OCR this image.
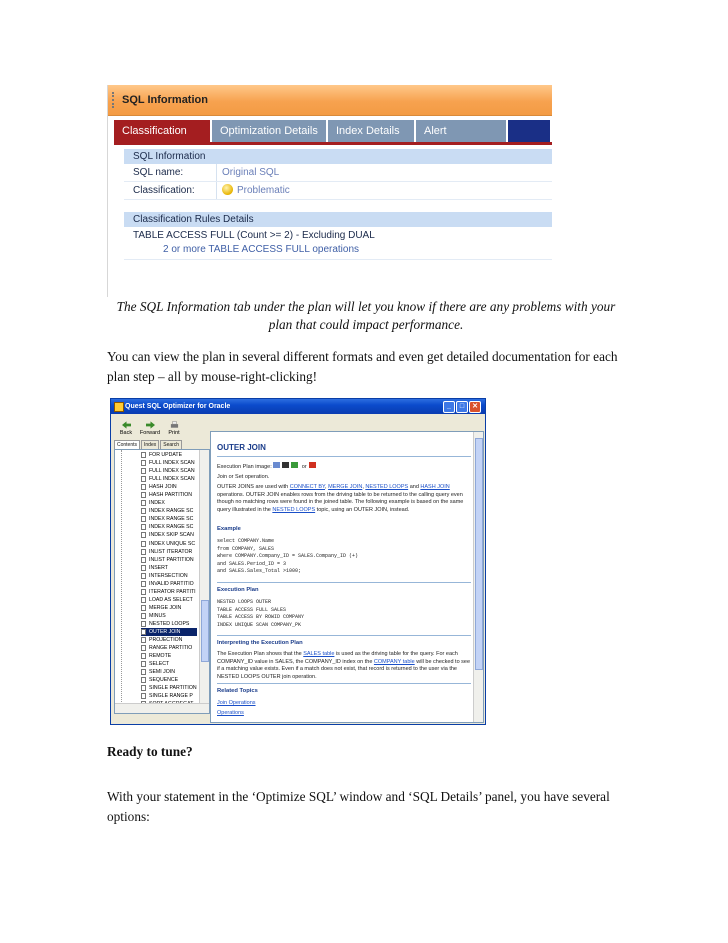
SQL Information
Classification	Optimization Details	Index Details	Alert
SQL Information
SQL name:	Original SQL
Classification:	Problematic
Classification Rules Details
TABLE ACCESS FULL (Count >= 2) - Excluding DUAL
2 or more TABLE ACCESS FULL operations
The SQL Information tab under the plan will let you know if there are any problems with your plan that could impact performance.
You can view the plan in several different formats and even get detailed documentation for each plan step – all by mouse-right-clicking!
Quest SQL Optimizer for Oracle	_	□	✕
Back	Forward	Print
Contents	Index	Search
FOR UPDATE
FULL INDEX SCAN
FULL INDEX SCAN
FULL INDEX SCAN
HASH JOIN
HASH PARTITION
INDEX
INDEX RANGE SC
INDEX RANGE SC
INDEX RANGE SC
INDEX SKIP SCAN
INDEX UNIQUE SC
INLIST ITERATOR
INLIST PARTITION
INSERT
INTERSECTION
INVALID PARTITIO
ITERATOR PARTITI
LOAD AS SELECT
MERGE JOIN
MINUS
NESTED LOOPS
OUTER JOIN
PROJECTION
RANGE PARTITIO
REMOTE
SELECT
SEMI JOIN
SEQUENCE
SINGLE PARTITION
SINGLE RANGE P
OUTER JOIN
Execution Plan image:	or
Join or Set operation.
OUTER JOINS are used with CONNECT BY, MERGE JOIN, NESTED LOOPS and HASH JOIN operations. OUTER JOIN enables rows from the driving table to be returned to the calling query even though no matching rows were found in the joined table. The following example is based on the same query illustrated in the NESTED LOOPS topic, using an OUTER JOIN, instead.
Example
select COMPANY.Name
from COMPANY, SALES
where COMPANY.Company_ID = SALES.Company_ID (+)
and SALES.Period_ID = 3
and SALES.Sales_Total >1000;
Execution Plan
NESTED LOOPS OUTER
TABLE ACCESS FULL SALES
TABLE ACCESS BY ROWID COMPANY
INDEX UNIQUE SCAN COMPANY_PK
Interpreting the Execution Plan
The Execution Plan shows that the SALES table is used as the driving table for the query. For each COMPANY_ID value in SALES, the COMPANY_ID index on the COMPANY table will be checked to see if a matching value exists. Even if a match does not exist, that record is returned to the user via the NESTED LOOPS OUTER join operation.
Related Topics
Join Operations
Operations
Ready to tune?
With your statement in the ‘Optimize SQL’ window and ‘SQL Details’ panel, you have several options:
